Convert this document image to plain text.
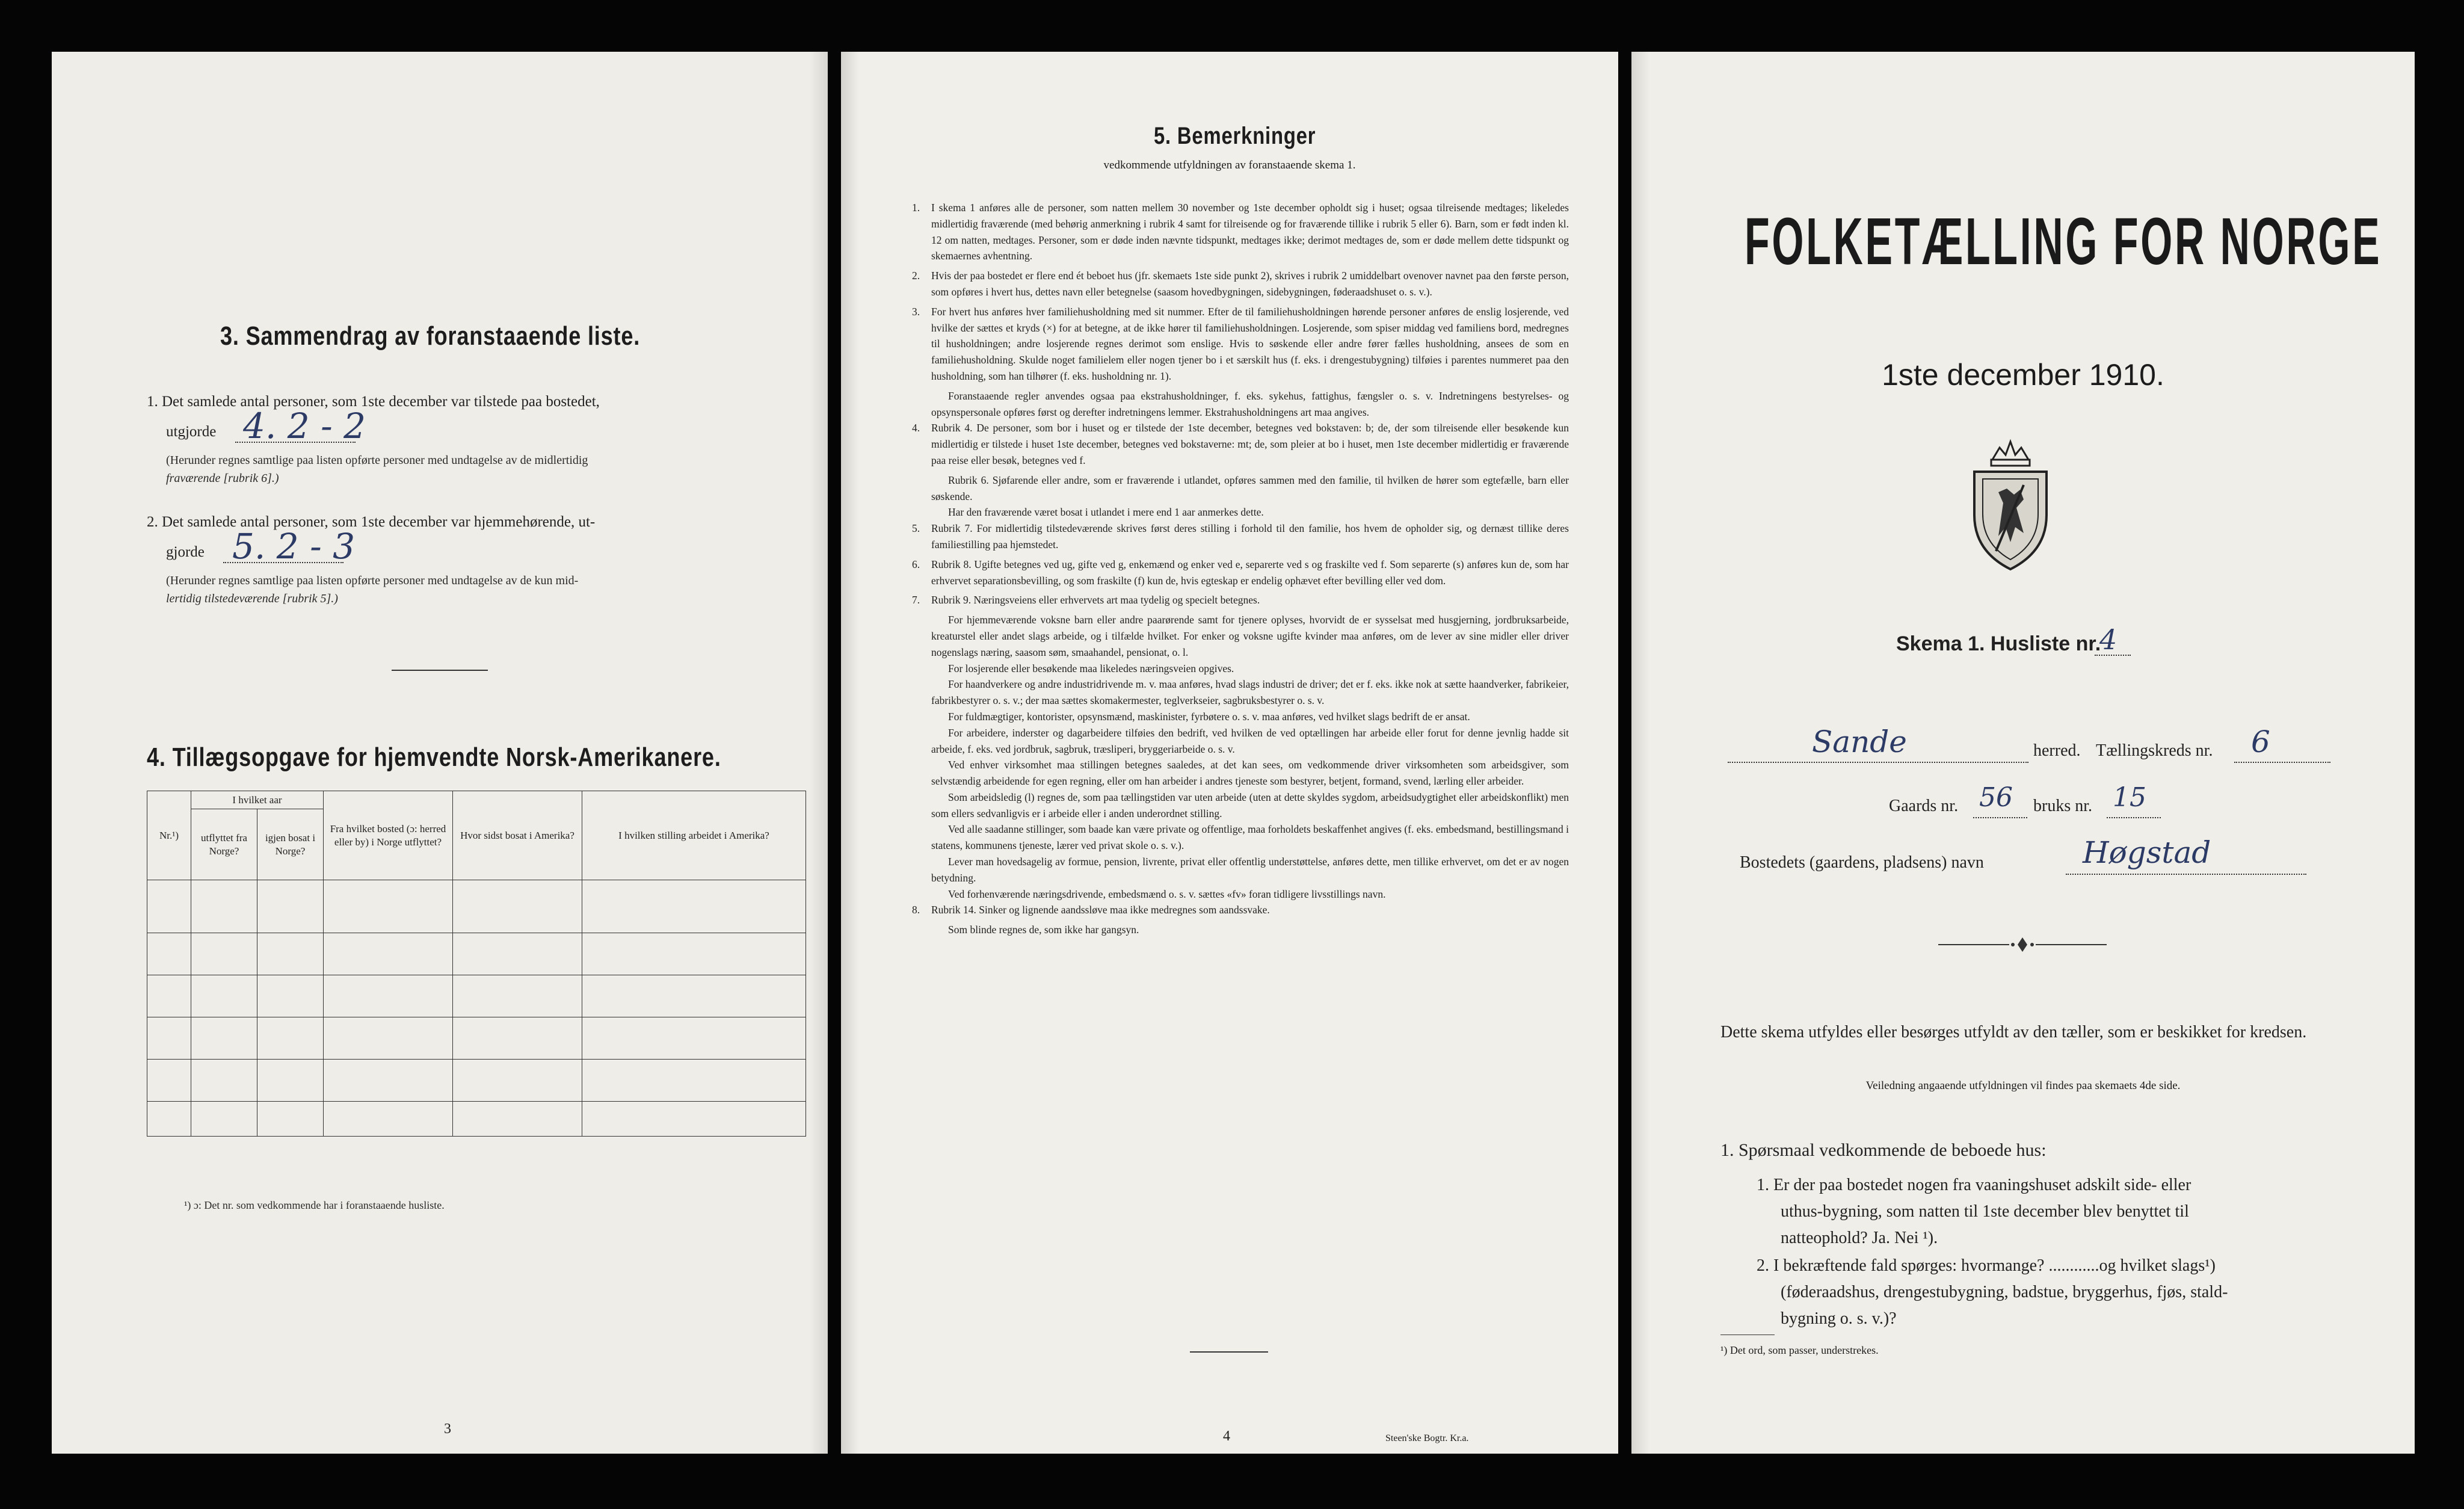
3. Sammendrag av foranstaaende liste.
1. Det samlede antal personer, som 1ste december var tilstede paa bostedet,
utgjorde 4. 2 - 2
(Herunder regnes samtlige paa listen opførte personer med undtagelse av de midlertidig
fraværende [rubrik 6].)
2. Det samlede antal personer, som 1ste december var hjemmehørende, ut-
gjorde 5. 2 - 3
(Herunder regnes samtlige paa listen opførte personer med undtagelse av de kun mid-
lertidig tilstedeværende [rubrik 5].)
4. Tillægsopgave for hjemvendte Norsk-Amerikanere.
Nr.¹)	I hvilket aar		Fra hvilket bosted (ɔ: herred eller by) i Norge utflyttet?	Hvor sidst bosat i Amerika?	I hvilken stilling arbeidet i Amerika?
	utflyttet fra Norge?	igjen bosat i Norge?			

¹) ɔ: Det nr. som vedkommende har i foranstaaende husliste.
3
5. Bemerkninger
vedkommende utfyldningen av foranstaaende skema 1.

1. I skema 1 anføres alle de personer, som natten mellem 30 november og 1ste december opholdt sig i huset; ogsaa tilreisende medtages; likeledes midlertidig fraværende (med behørig anmerkning i rubrik 4 samt for tilreisende og for fraværende tillike i rubrik 5 eller 6). Barn, som er født inden kl. 12 om natten, medtages. Personer, som er døde inden nævnte tidspunkt, medtages ikke; derimot medtages de, som er døde mellem dette tidspunkt og skemaernes avhentning.

2. Hvis der paa bostedet er flere end ét beboet hus (jfr. skemaets 1ste side punkt 2), skrives i rubrik 2 umiddelbart ovenover navnet paa den første person, som opføres i hvert hus, dettes navn eller betegnelse (saasom hovedbygningen, sidebygningen, føderaadshuset o. s. v.).

3. For hvert hus anføres hver familiehusholdning med sit nummer. Efter de til familiehusholdningen hørende personer anføres de enslig losjerende, ved hvilke der sættes et kryds (×) for at betegne, at de ikke hører til familiehusholdningen. Losjerende, som spiser middag ved familiens bord, medregnes til husholdningen; andre losjerende regnes derimot som enslige. Hvis to søskende eller andre fører fælles husholdning, ansees de som en familiehusholdning. Skulde noget familielem eller nogen tjener bo i et særskilt hus (f. eks. i drengestubygning) tilføies i parentes nummeret paa den husholdning, som han tilhører (f. eks. husholdning nr. 1).

Foranstaaende regler anvendes ogsaa paa ekstrahusholdninger, f. eks. sykehus, fattighus, fængsler o. s. v. Indretningens bestyrelses- og opsynspersonale opføres først og derefter indretningens lemmer. Ekstrahusholdningens art maa angives.

4. Rubrik 4. De personer, som bor i huset og er tilstede der 1ste december, betegnes ved bokstaven: b; de, der som tilreisende eller besøkende kun midlertidig er tilstede i huset 1ste december, betegnes ved bokstaverne: mt; de, som pleier at bo i huset, men 1ste december midlertidig er fraværende paa reise eller besøk, betegnes ved f.

Rubrik 6. Sjøfarende eller andre, som er fraværende i utlandet, opføres sammen med den familie, til hvilken de hører som egtefælle, barn eller søskende.

Har den fraværende været bosat i utlandet i mere end 1 aar anmerkes dette.

5. Rubrik 7. For midlertidig tilstedeværende skrives først deres stilling i forhold til den familie, hos hvem de opholder sig, og dernæst tillike deres familiestilling paa hjemstedet.

6. Rubrik 8. Ugifte betegnes ved ug, gifte ved g, enkemænd og enker ved e, separerte ved s og fraskilte ved f. Som separerte (s) anføres kun de, som har erhvervet separationsbevilling, og som fraskilte (f) kun de, hvis egteskap er endelig ophævet efter bevilling eller ved dom.

7. Rubrik 9. Næringsveiens eller erhvervets art maa tydelig og specielt betegnes.

For hjemmeværende voksne barn eller andre paarørende samt for tjenere oplyses, hvorvidt de er sysselsat med husgjerning, jordbruksarbeide, kreaturstel eller andet slags arbeide, og i tilfælde hvilket. For enker og voksne ugifte kvinder maa anføres, om de lever av sine midler eller driver nogenslags næring, saasom søm, smaahandel, pensionat, o. l.

For losjerende eller besøkende maa likeledes næringsveien opgives.

For haandverkere og andre industridrivende m. v. maa anføres, hvad slags industri de driver; det er f. eks. ikke nok at sætte haandverker, fabrikeier, fabrikbestyrer o. s. v.; der maa sættes skomakermester, teglverkseier, sagbruksbestyrer o. s. v.

For fuldmægtiger, kontorister, opsynsmænd, maskinister, fyrbøtere o. s. v. maa anføres, ved hvilket slags bedrift de er ansat.

For arbeidere, inderster og dagarbeidere tilføies den bedrift, ved hvilken de ved optællingen har arbeide eller forut for denne jevnlig hadde sit arbeide, f. eks. ved jordbruk, sagbruk, træsliperi, bryggeriarbeide o. s. v.

Ved enhver virksomhet maa stillingen betegnes saaledes, at det kan sees, om vedkommende driver virksomheten som arbeidsgiver, som selvstændig arbeidende for egen regning, eller om han arbeider i andres tjeneste som bestyrer, betjent, formand, svend, lærling eller arbeider.

Som arbeidsledig (l) regnes de, som paa tællingstiden var uten arbeide (uten at dette skyldes sygdom, arbeidsudygtighet eller arbeidskonflikt) men som ellers sedvanligvis er i arbeide eller i anden underordnet stilling.

Ved alle saadanne stillinger, som baade kan være private og offentlige, maa forholdets beskaffenhet angives (f. eks. embedsmand, bestillingsmand i statens, kommunens tjeneste, lærer ved privat skole o. s. v.).

Lever man hovedsagelig av formue, pension, livrente, privat eller offentlig understøttelse, anføres dette, men tillike erhvervet, om det er av nogen betydning.

Ved forhenværende næringsdrivende, embedsmænd o. s. v. sættes «fv» foran tidligere livsstillings navn.

8. Rubrik 14. Sinker og lignende aandssløve maa ikke medregnes som aandssvake.

Som blinde regnes de, som ikke har gangsyn.

4	Steen'ske Bogtr. Kr.a.
FOLKETÆLLING FOR NORGE
1ste december 1910.
Skema 1. Husliste nr.
4
Sande	herred. Tællingskreds nr. 6
Gaards nr. 56 bruks nr. 15
Bostedets (gaardens, pladsens) navn	Høgstad
Dette skema utfyldes eller besørges utfyldt av den tæller, som er beskikket for kredsen.
Veiledning angaaende utfyldningen vil findes paa skemaets 4de side.
1. Spørsmaal vedkommende de beboede hus:
1. Er der paa bostedet nogen fra vaaningshuset adskilt side- eller
uthus-bygning, som natten til 1ste december blev benyttet til
natteophold? Ja. Nei ¹).
2. I bekræftende fald spørges: hvormange? ............og hvilket slags¹)
(føderaadshus, drengestubygning, badstue, bryggerhus, fjøs, stald-
bygning o. s. v.)?
¹) Det ord, som passer, understrekes.
